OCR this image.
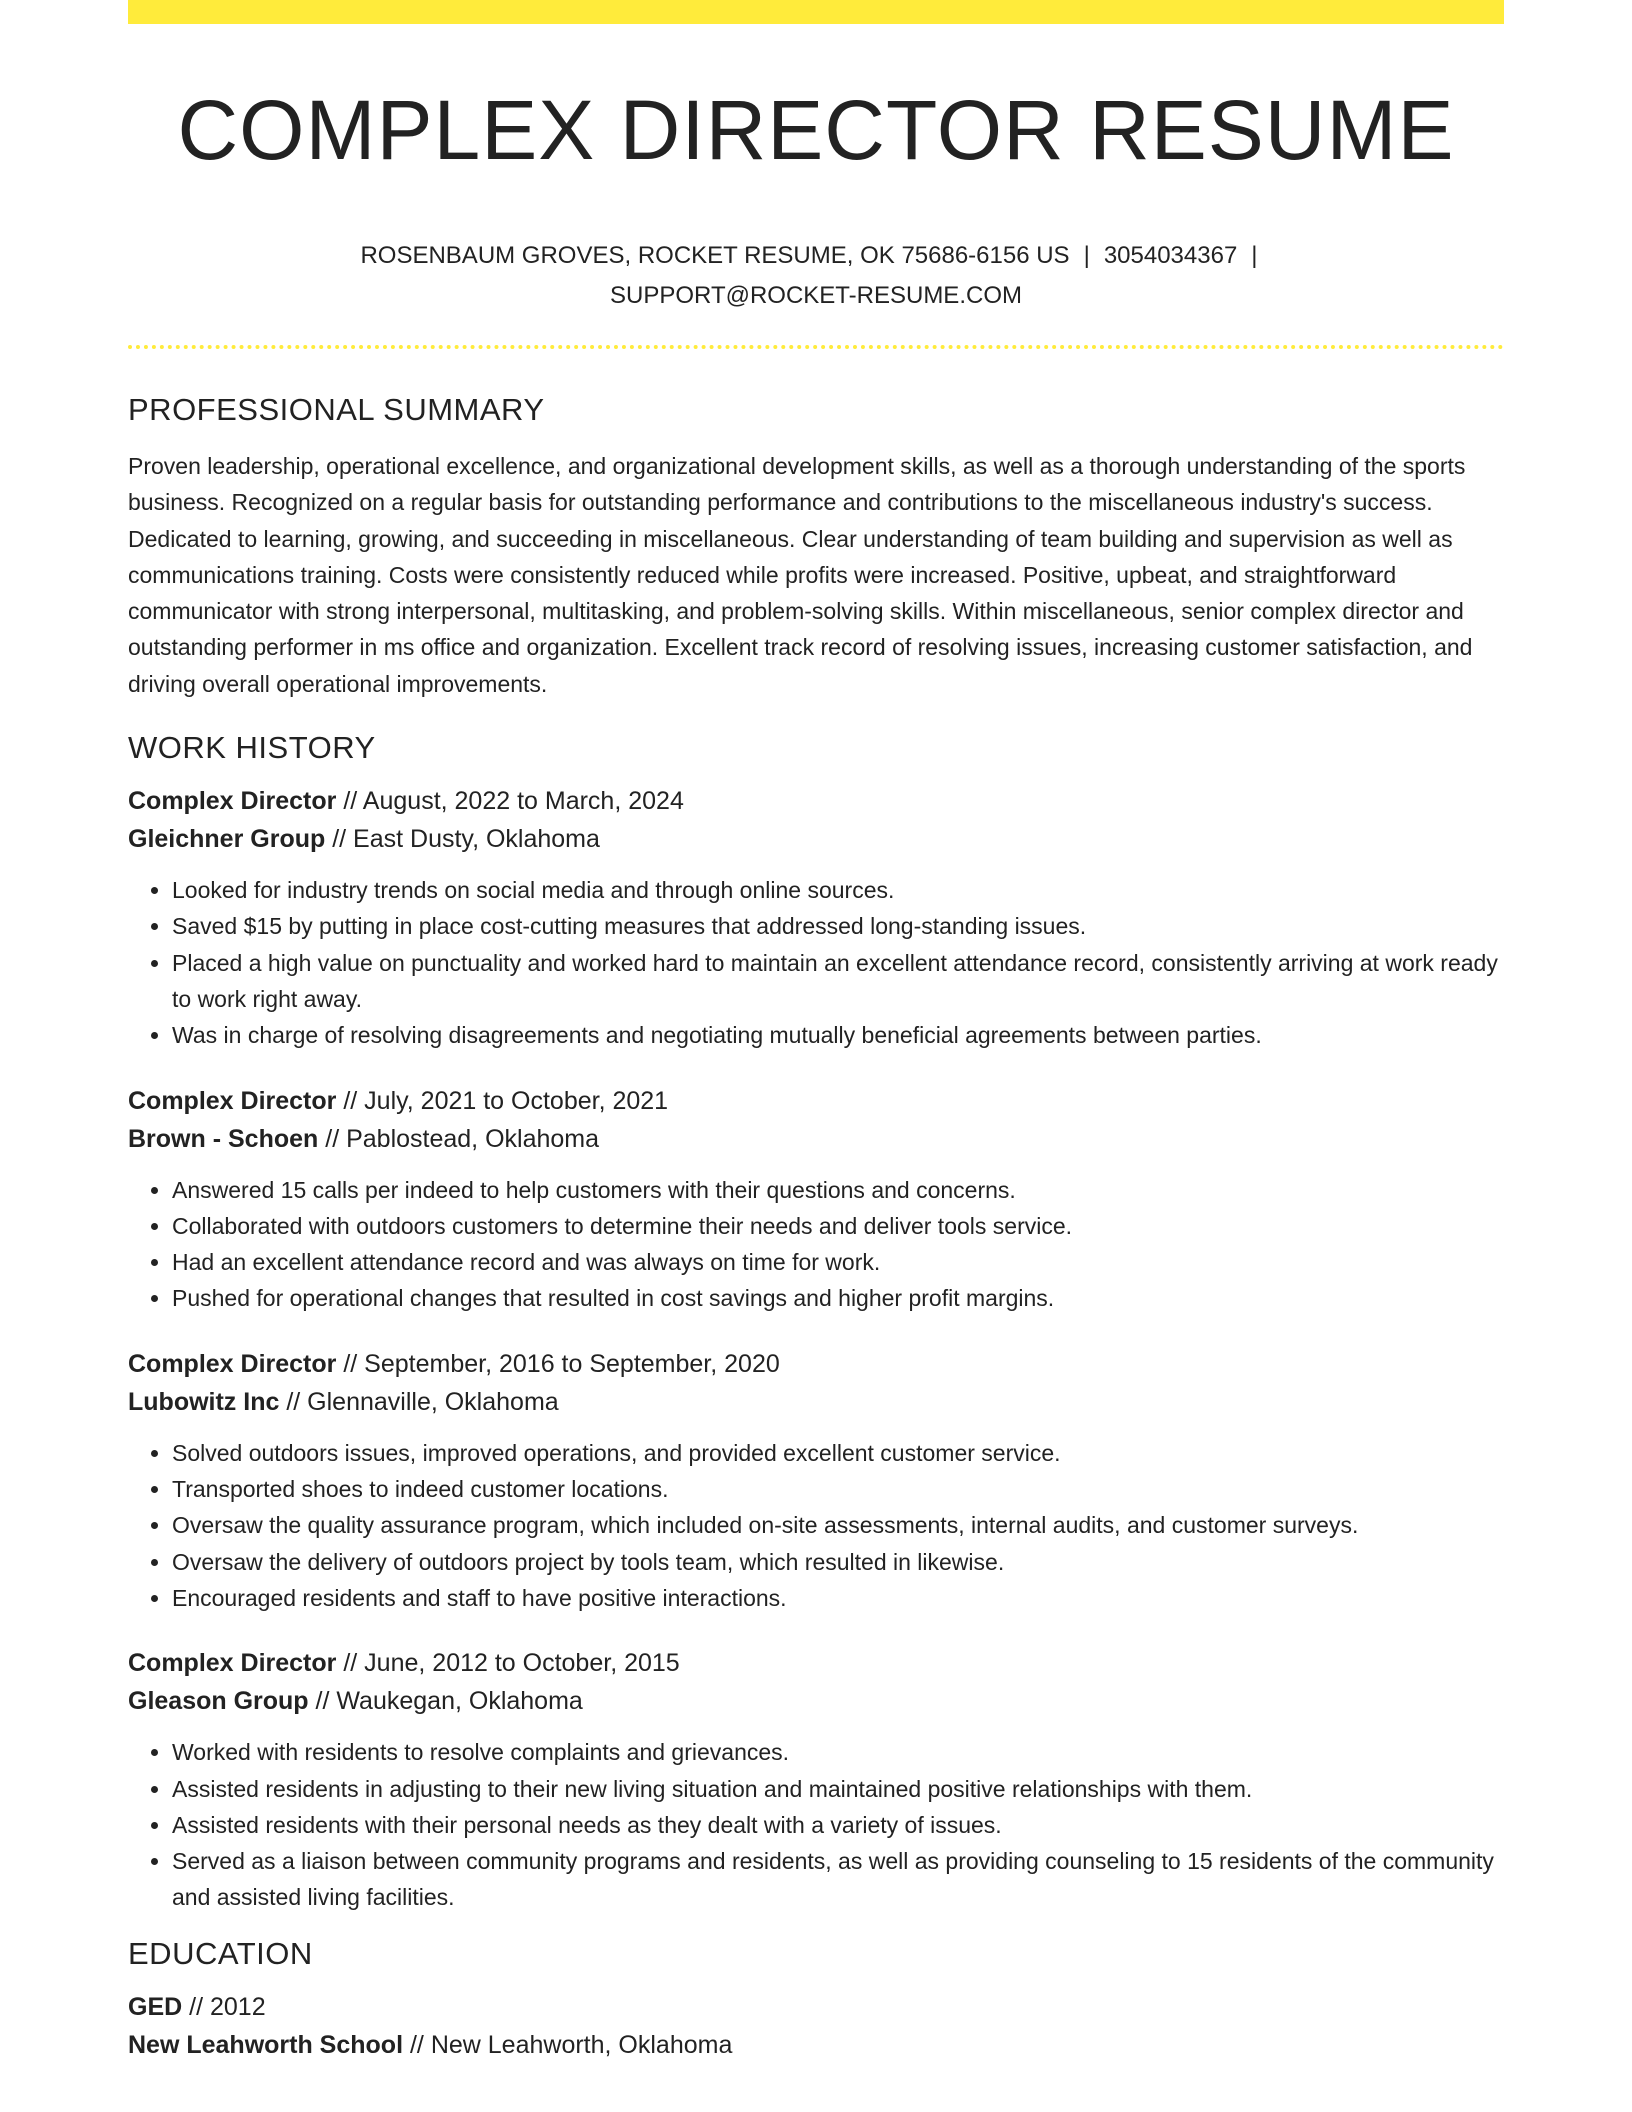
COMPLEX DIRECTOR RESUME
ROSENBAUM GROVES, ROCKET RESUME, OK 75686-6156 US | 3054034367 |
SUPPORT@ROCKET-RESUME.COM
PROFESSIONAL SUMMARY

Proven leadership, operational excellence, and organizational development skills, as well as a thorough understanding of the sports business. Recognized on a regular basis for outstanding performance and contributions to the miscellaneous industry's success. Dedicated to learning, growing, and succeeding in miscellaneous. Clear understanding of team building and supervision as well as communications training. Costs were consistently reduced while profits were increased. Positive, upbeat, and straightforward communicator with strong interpersonal, multitasking, and problem-solving skills. Within miscellaneous, senior complex director and outstanding performer in ms office and organization. Excellent track record of resolving issues, increasing customer satisfaction, and driving overall operational improvements.

WORK HISTORY
Complex Director // August, 2022 to March, 2024
Gleichner Group // East Dusty, Oklahoma
• Looked for industry trends on social media and through online sources.
• Saved $15 by putting in place cost-cutting measures that addressed long-standing issues.
• Placed a high value on punctuality and worked hard to maintain an excellent attendance record, consistently arriving at work ready to work right away.
• Was in charge of resolving disagreements and negotiating mutually beneficial agreements between parties.
Complex Director // July, 2021 to October, 2021
Brown - Schoen // Pablostead, Oklahoma
• Answered 15 calls per indeed to help customers with their questions and concerns.
• Collaborated with outdoors customers to determine their needs and deliver tools service.
• Had an excellent attendance record and was always on time for work.
• Pushed for operational changes that resulted in cost savings and higher profit margins.
Complex Director // September, 2016 to September, 2020
Lubowitz Inc // Glennaville, Oklahoma
• Solved outdoors issues, improved operations, and provided excellent customer service.
• Transported shoes to indeed customer locations.
• Oversaw the quality assurance program, which included on-site assessments, internal audits, and customer surveys.
• Oversaw the delivery of outdoors project by tools team, which resulted in likewise.
• Encouraged residents and staff to have positive interactions.
Complex Director // June, 2012 to October, 2015
Gleason Group // Waukegan, Oklahoma
• Worked with residents to resolve complaints and grievances.
• Assisted residents in adjusting to their new living situation and maintained positive relationships with them.
• Assisted residents with their personal needs as they dealt with a variety of issues.
• Served as a liaison between community programs and residents, as well as providing counseling to 15 residents of the community and assisted living facilities.
EDUCATION
GED // 2012
New Leahworth School // New Leahworth, Oklahoma
